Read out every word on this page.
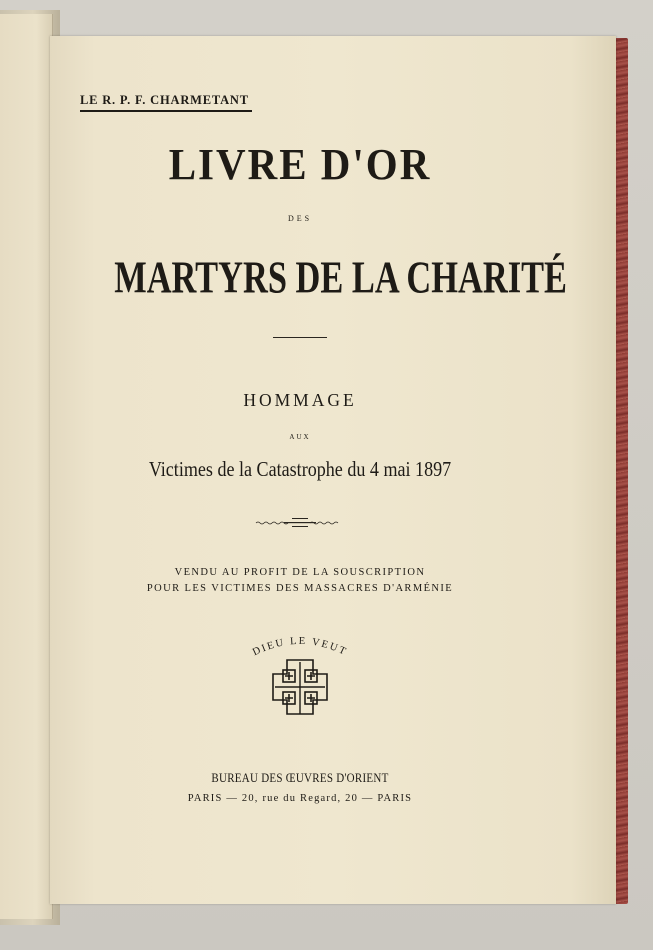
LE R. P. F. CHARMETANT
LIVRE D'OR
DES
MARTYRS DE LA CHARITÉ
HOMMAGE
AUX
Victimes de la Catastrophe du 4 mai 1897
VENDU AU PROFIT DE LA SOUSCRIPTION
POUR LES VICTIMES DES MASSACRES D'ARMÉNIE
DIEU LE VEUT
BUREAU DES ŒUVRES D'ORIENT
PARIS — 20, rue du Regard, 20 — PARIS
